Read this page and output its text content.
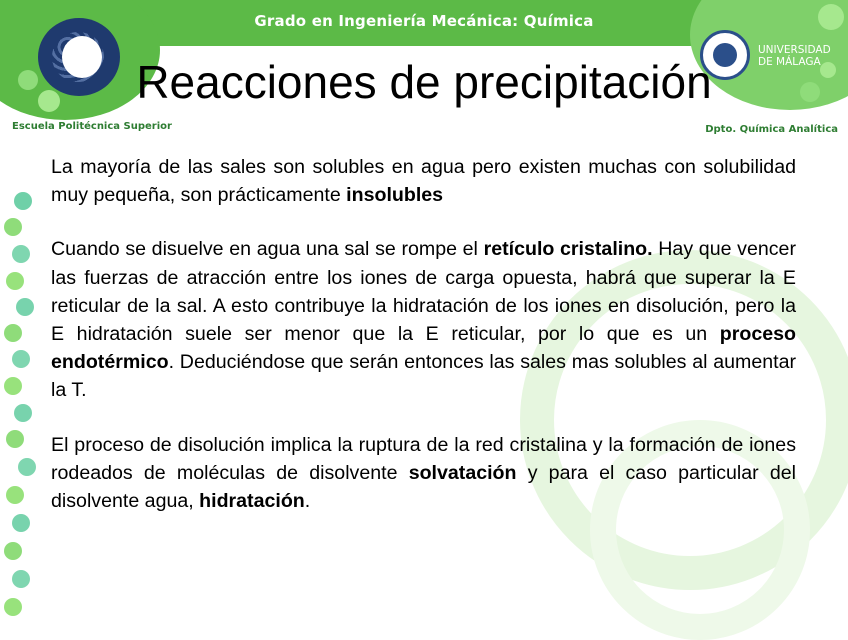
Grado en Ingeniería Mecánica: Química
UNIVERSIDAD
DE MÁLAGA
Reacciones de precipitación
Escuela Politécnica Superior	Dpto. Química Analítica

La mayoría de las sales son solubles en agua pero existen muchas con solubilidad muy pequeña, son prácticamente insolubles

Cuando se disuelve en agua una sal se rompe el retículo cristalino. Hay que vencer las fuerzas de atracción entre los iones de carga opuesta, habrá que superar la E reticular de la sal. A esto contribuye la hidratación de los iones en disolución, pero la E hidratación suele ser menor que la E reticular, por lo que es un proceso endotérmico. Deduciéndose que serán entonces las sales mas solubles al aumentar la T.

El proceso de disolución implica la ruptura de la red cristalina y la formación de iones rodeados de moléculas de disolvente solvatación y para el caso particular del disolvente agua, hidratación.
